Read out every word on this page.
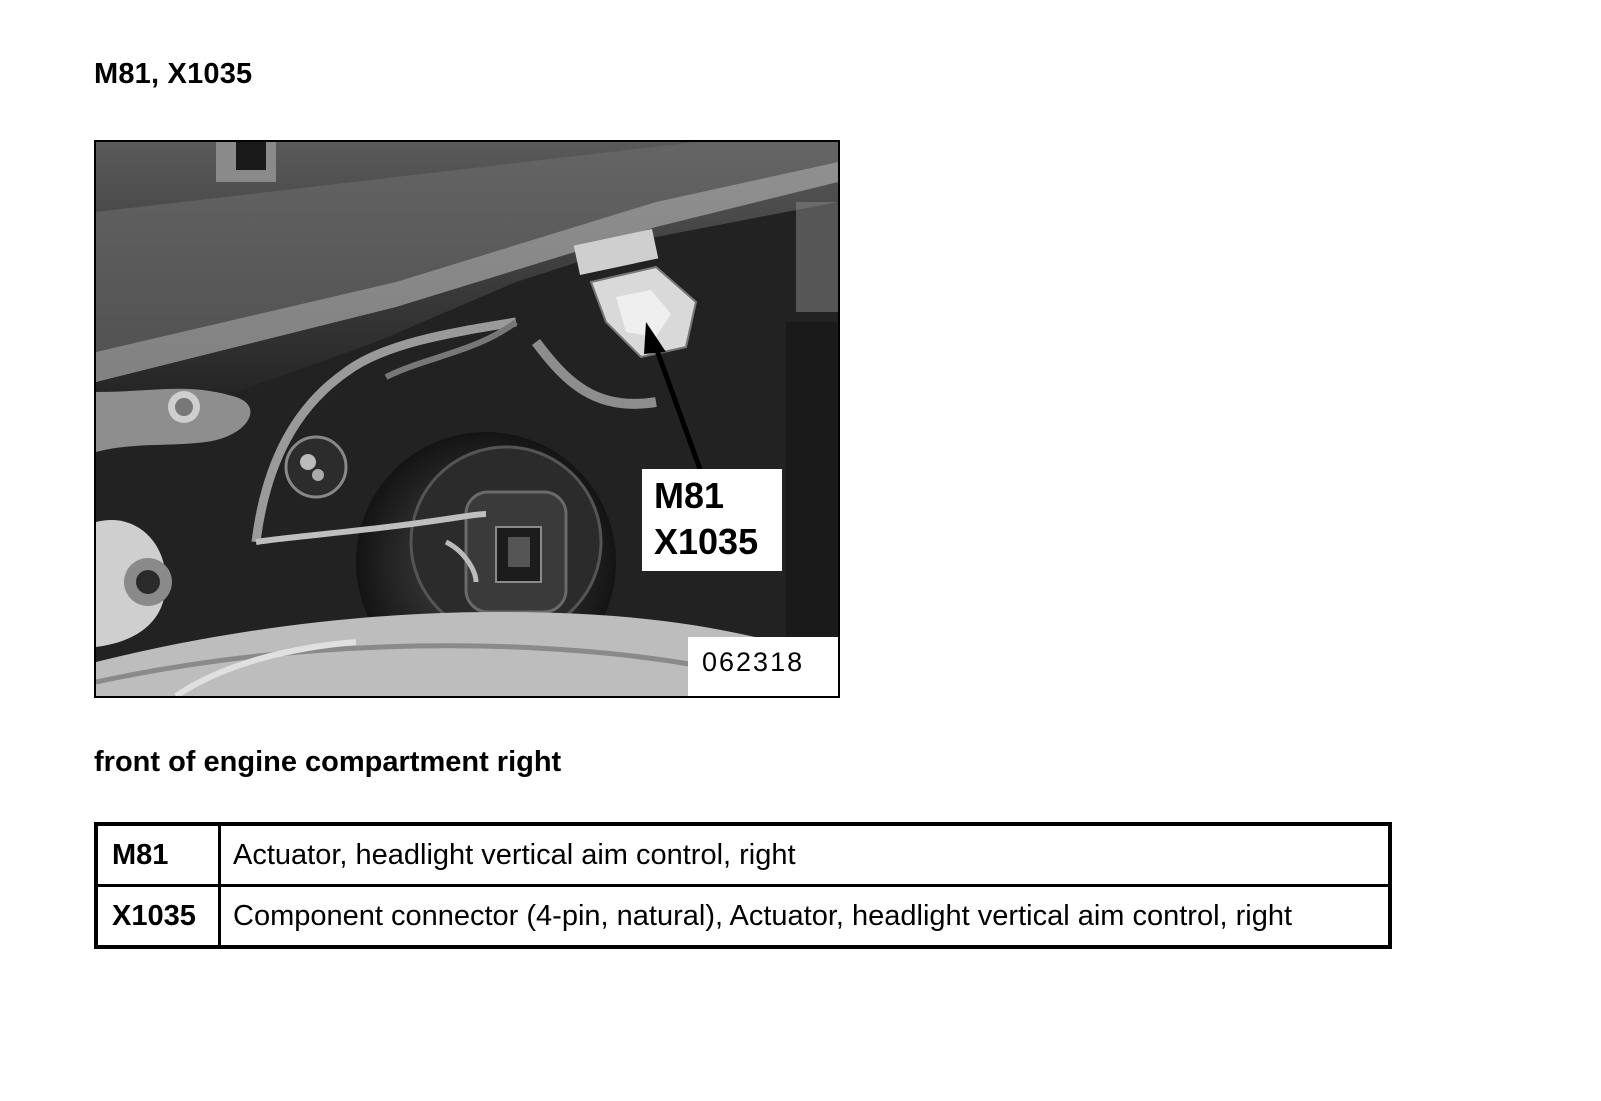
M81, X1035
M81
X1035
062318
front of engine compartment right
M81	Actuator, headlight vertical aim control, right
X1035	Component connector (4-pin, natural), Actuator, headlight vertical aim control, right
